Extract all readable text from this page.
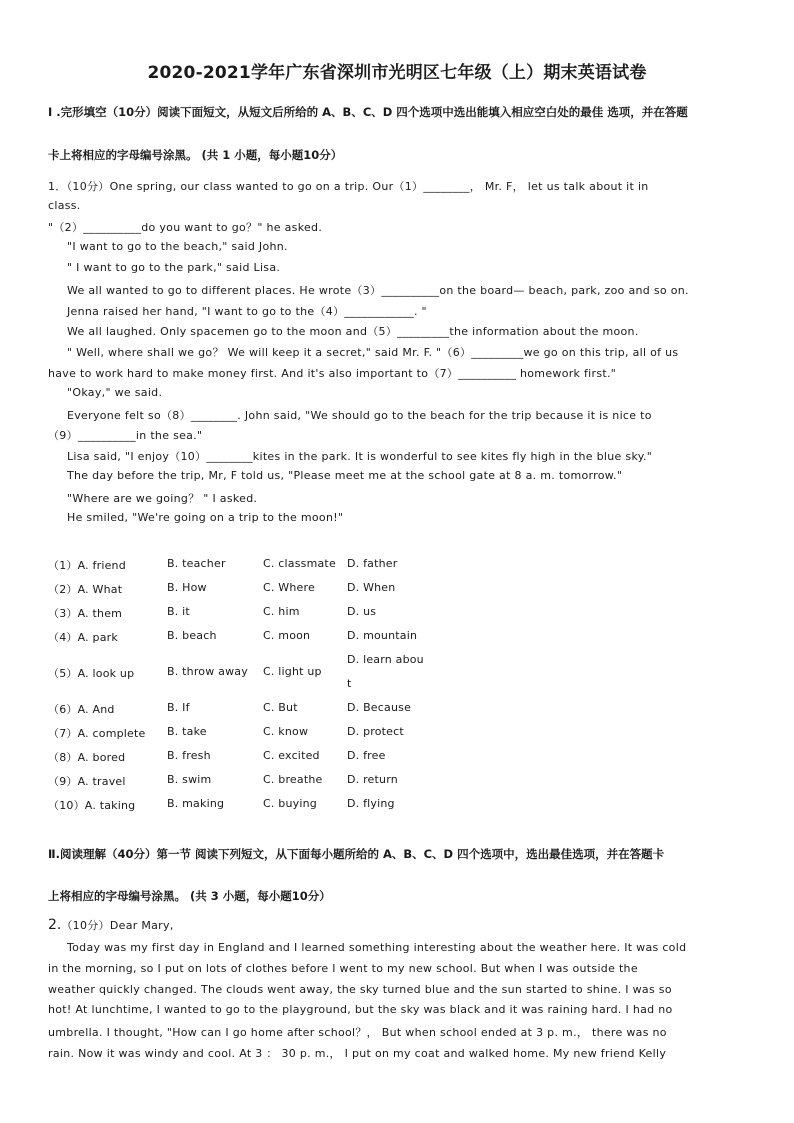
2020-2021学年广东省深圳市光明区七年级（上）期末英语试卷
I .完形填空（10分）阅读下面短文，从短文后所给的 A、B、C、D 四个选项中选出能填入相应空白处的最佳 选项，并在答题
卡上将相应的字母编号涂黑。 (共 1 小题，每小题10分）
1．（10分）One spring, our class wanted to go on a trip. Our（1）________， Mr. F， let us talk about it in
class.
"（2）__________do you want to go？" he asked.
"I want to go to the beach," said John.
" I want to go to the park," said Lisa.
We all wanted to go to different places. He wrote（3）__________on the board— beach, park, zoo and so on.
Jenna raised her hand, "I want to go to the（4）____________. "
We all laughed. Only spacemen go to the moon and（5）_________the information about the moon.
" Well, where shall we go？ We will keep it a secret," said Mr. F. "（6）_________we go on this trip, all of us
have to work hard to make money first. And it's also important to（7）__________ homework first."
"Okay," we said.
Everyone felt so（8）________. John said, "We should go to the beach for the trip because it is nice to
（9）__________in the sea."
Lisa said, "I enjoy（10）________kites in the park. It is wonderful to see kites fly high in the blue sky."
The day before the trip, Mr, F told us, "Please meet me at the school gate at 8 a. m. tomorrow."
"Where are we going？ " I asked.
He smiled, "We're going on a trip to the moon!"
（1）A. friend	B. teacher	C. classmate D. father
（2）A. What	B. How	C. Where	D. When
（3）A. them	B. it	C. him	D. us
（4）A. park	B. beach	C. moon	D. mountain
（5）A. look up	B. throw away C. light up
D. learn abou
t
（6）A. And	B. If	C. But	D. Because
（7）A. complete B. take	C. know	D. protect
（8）A. bored	B. fresh	C. excited D. free
（9）A. travel	B. swim	C. breathe D. return
（10）A. taking	B. making	C. buying	D. flying
Ⅱ.阅读理解（40分）第一节 阅读下列短文，从下面每小题所给的 A、B、C、D 四个选项中，选出最佳选项，并在答题卡
上将相应的字母编号涂黑。 (共 3 小题，每小题10分）
2.（10分）Dear Mary,
Today was my first day in England and I learned something interesting about the weather here. It was cold
in the morning, so I put on lots of clothes before I went to my new school. But when I was outside the
weather quickly changed. The clouds went away, the sky turned blue and the sun started to shine. I was so
hot! At lunchtime, I wanted to go to the playground, but the sky was black and it was raining hard. I had no
umbrella. I thought, "How can I go home after school？， But when school ended at 3 p. m.， there was no
rain. Now it was windy and cool. At 3 ： 30 p. m.， I put on my coat and walked home. My new friend Kelly
